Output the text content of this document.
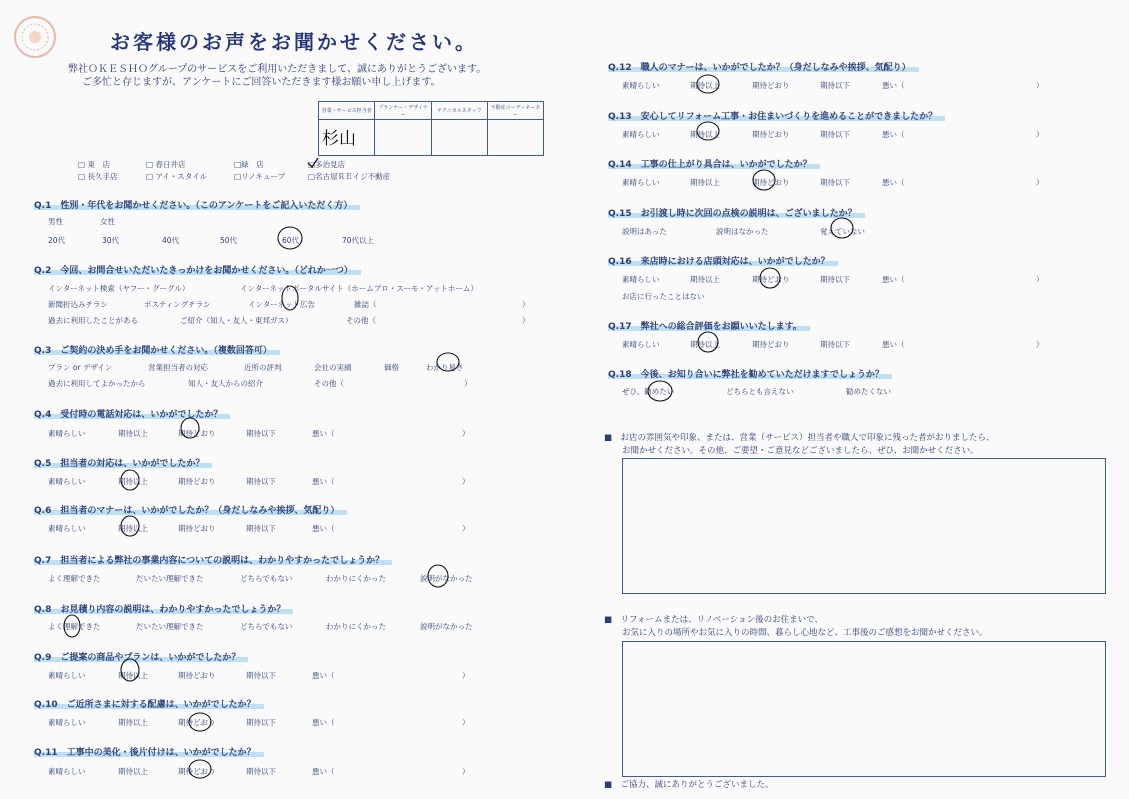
お客様のお声をお聞かせください。
弊社ＯＫＥＳＨＯグループのサービスをご利用いただきまして、誠にありがとうございます。
ご多忙と存じますが、アンケートにご回答いただきます様お願い申し上げます。
営業・サービス担当者	プランナー・デザイナー	テクニカルスタッフ	不動産コーディネーター

杉山
□ 東　店	□ 春日井店	□緑　店	□多治見店
□ 長久手店	□ アイ・スタイル	□リノキューブ	□名古屋ＲＥイジ不動産
Q.1　 性別・年代をお聞かせください。（このアンケートをご記入いただく方）
男性	女性
20代	30代	40代	50代	60代	70代以上
Q.2　 今回、お問合せいただいたきっかけをお聞かせください。（どれか一つ）
インターネット検索（ヤフー・グーグル）	インターネットポータルサイト（ホームプロ・スーモ・アットホーム）
新聞折込みチラシ	ポスティングチラシ	インターネット広告	雑誌（	）
過去に利用したことがある	ご紹介（知人・友人・東邦ガス）	その他（	）
Q.3　 ご契約の決め手をお聞かせください。（複数回答可）
プラン or デザイン	営業担当者の対応	近所の評判	会社の実績	価格	わかり易さ
過去に利用してよかったから	知人・友人からの紹介	その他（	）
Q.4　 受付時の電話対応は、いかがでしたか？
素晴らしい	期待以上	期待どおり	期待以下	悪い（	）
Q.5　 担当者の対応は、いかがでしたか？
素晴らしい	期待以上	期待どおり	期待以下	悪い（	）
Q.6　 担当者のマナーは、いかがでしたか？（身だしなみや挨拶、気配り）
素晴らしい	期待以上	期待どおり	期待以下	悪い（	）
Q.7　 担当者による弊社の事業内容についての説明は、わかりやすかったでしょうか？
よく理解できた	だいたい理解できた	どちらでもない	わかりにくかった	説明がなかった
Q.8　 お見積り内容の説明は、わかりやすかったでしょうか？
よく理解できた	だいたい理解できた	どちらでもない	わかりにくかった	説明がなかった
Q.9　 ご提案の商品やプランは、いかがでしたか？
素晴らしい	期待以上	期待どおり	期待以下	悪い（	）
Q.10　 ご近所さまに対する配慮は、いかがでしたか？
素晴らしい	期待以上	期待どおり	期待以下	悪い（	）
Q.11　 工事中の美化・後片付けは、いかがでしたか？
素晴らしい	期待以上	期待どおり	期待以下	悪い（	）
Q.12　 職人のマナーは、いかがでしたか？（身だしなみや挨拶、気配り）
素晴らしい	期待以上	期待どおり	期待以下	悪い（	）
Q.13　 安心してリフォーム工事・お住まいづくりを進めることができましたか？
素晴らしい	期待以上	期待どおり	期待以下	悪い（	）
Q.14　 工事の仕上がり具合は、いかがでしたか？
素晴らしい	期待以上	期待どおり	期待以下	悪い（	）
Q.15　 お引渡し時に次回の点検の説明は、ございましたか？
説明はあった	説明はなかった	覚えていない
Q.16　 来店時における店頭対応は、いかがでしたか？
素晴らしい	期待以上	期待どおり	期待以下	悪い（	）
お店に行ったことはない
Q.17　 弊社への総合評価をお願いいたします。
素晴らしい	期待以上	期待どおり	期待以下	悪い（	）
Q.18　 今後、お知り合いに弊社を勧めていただけますでしょうか？
ぜひ、勧めたい	どちらとも言えない	勧めたくない
■　お店の雰囲気や印象、または、営業（サービス）担当者や職人で印象に残った者がおりましたら、
お聞かせください。その他、ご要望・ご意見などございましたら、ぜひ、お聞かせください。
■　リフォームまたは、リノベーション後のお住まいで、
お気に入りの場所やお気に入りの時間、暮らし心地など、工事後のご感想をお聞かせください。
■　ご協力、誠にありがとうございました。
